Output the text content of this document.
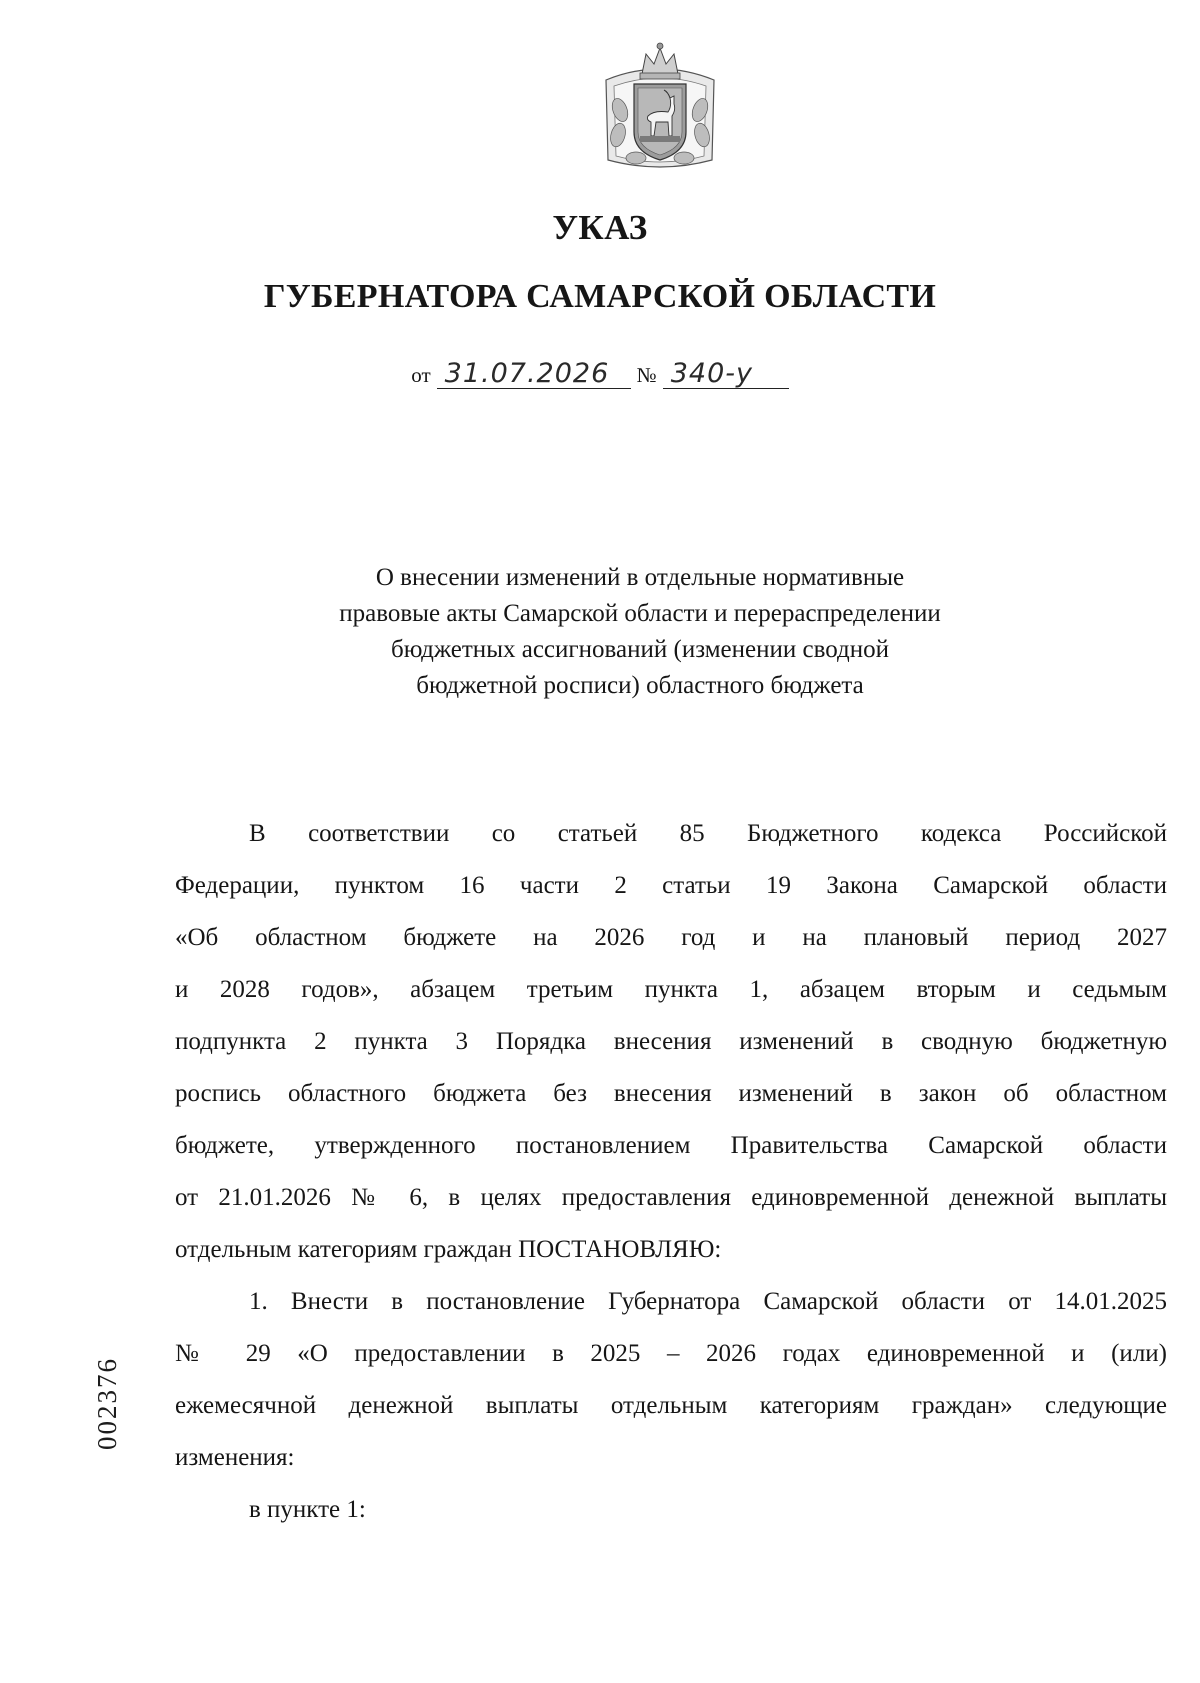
УКАЗ
ГУБЕРНАТОРА САМАРСКОЙ ОБЛАСТИ
от 31.07.2026 № 340-у
О внесении изменений в отдельные нормативные
правовые акты Самарской области и перераспределении
бюджетных ассигнований (изменении сводной
бюджетной росписи) областного бюджета
В соответствии со статьей 85 Бюджетного кодекса Российской
Федерации, пунктом 16 части 2 статьи 19 Закона Самарской области
«Об областном бюджете на 2026 год и на плановый период 2027
и 2028 годов», абзацем третьим пункта 1, абзацем вторым и седьмым
подпункта 2 пункта 3 Порядка внесения изменений в сводную бюджетную
роспись областного бюджета без внесения изменений в закон об областном
бюджете, утвержденного постановлением Правительства Самарской области
от 21.01.2026 № 6, в целях предоставления единовременной денежной выплаты
отдельным категориям граждан ПОСТАНОВЛЯЮ:
1. Внести в постановление Губернатора Самарской области от 14.01.2025
№ 29 «О предоставлении в 2025 – 2026 годах единовременной и (или)
ежемесячной денежной выплаты отдельным категориям граждан» следующие
изменения:
в пункте 1:
002376
